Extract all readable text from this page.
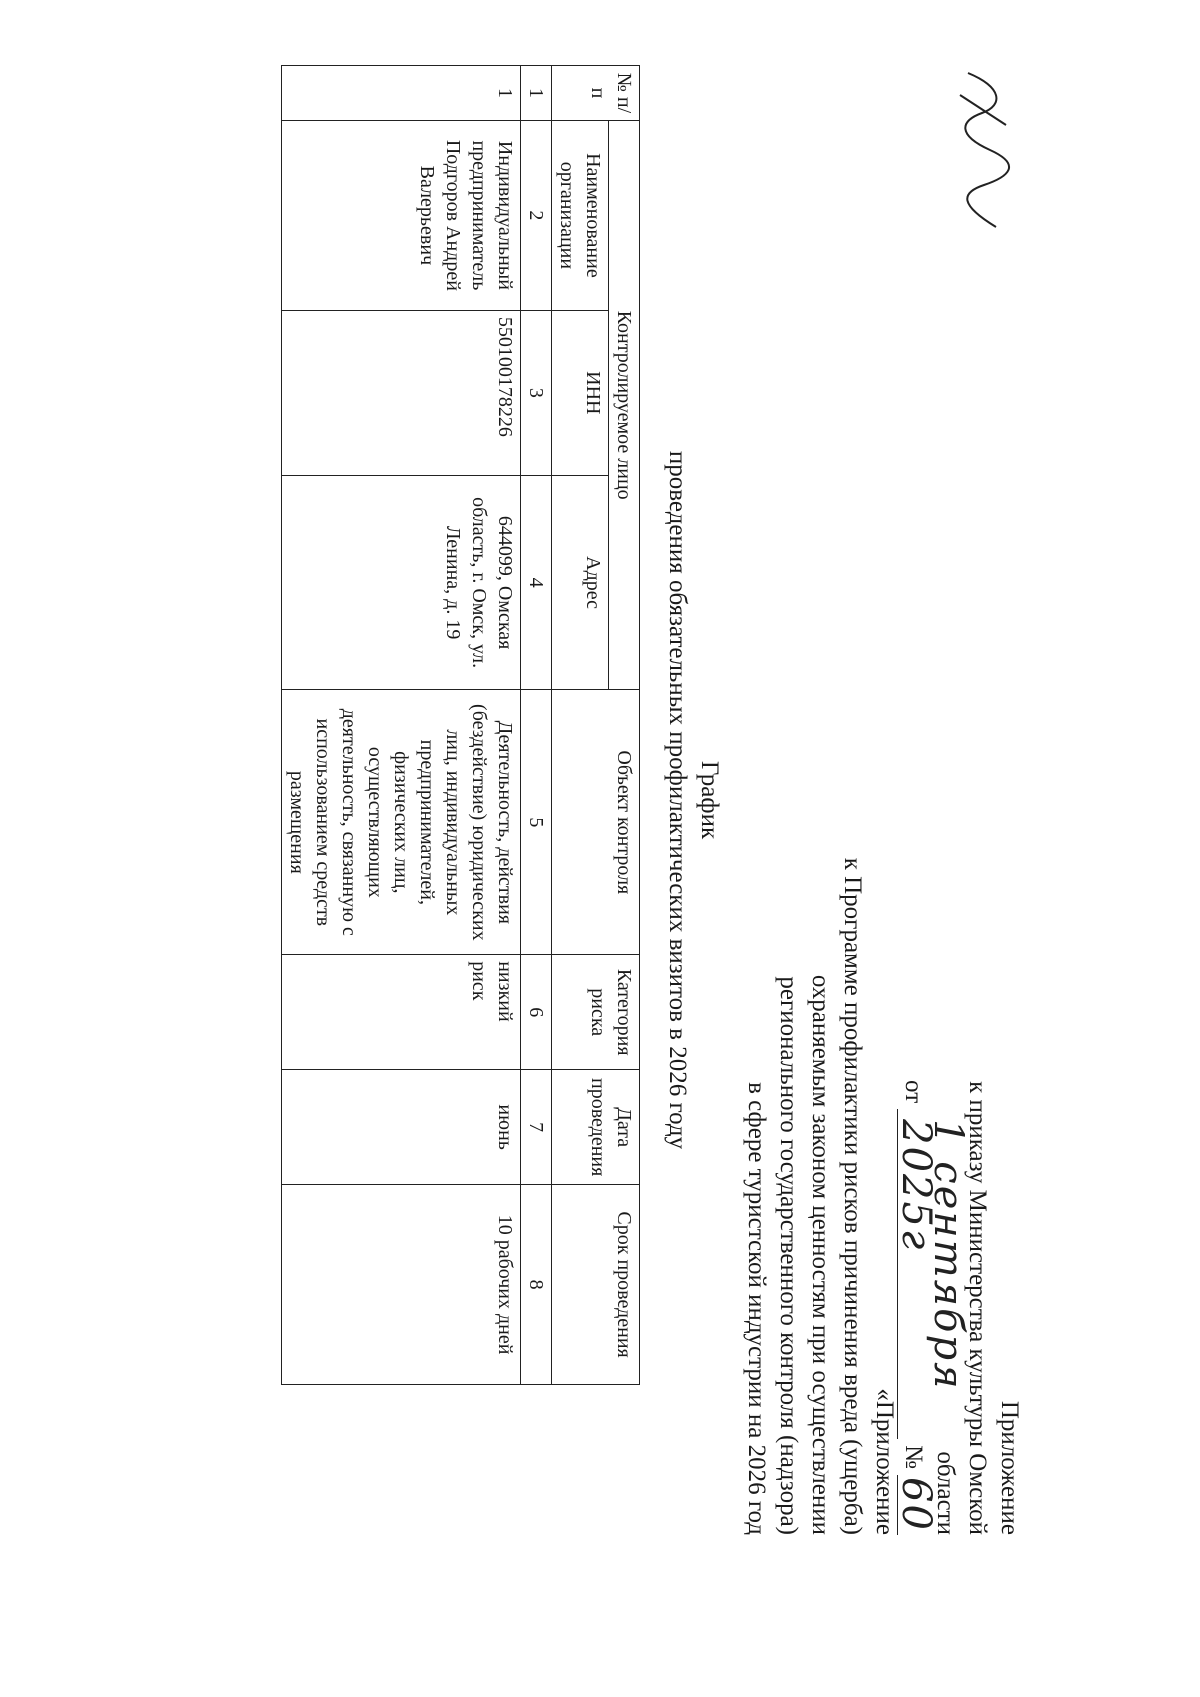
Приложение
к приказу Министерства культуры Омской области
от
1 сентября 2025г
№
60
«Приложение
к Программе профилактики рисков причинения вреда (ущерба)
охраняемым законом ценностям при осуществлении
регионального государственного контроля (надзора)
в сфере туристской индустрии на 2026 год
График
проведения обязательных профилактических визитов в 2026 году
№ п/п	Контролируемое лицо			Объект контроля	Категория риска	Дата проведения	Срок проведения
	Наименование организации	ИНН	Адрес				
1	2	3	4	5	6	7	8
1	Индивидуальный предприниматель Подгоров Андрей Валерьевич	550100178226	644099, Омская область, г. Омск, ул. Ленина, д. 19	Деятельность, действия (бездействие) юридических лиц, индивидуальных предпринимателей, физических лиц, осуществляющих деятельность, связанную с использованием средств размещения	низкий риск	июнь	10 рабочих дней
